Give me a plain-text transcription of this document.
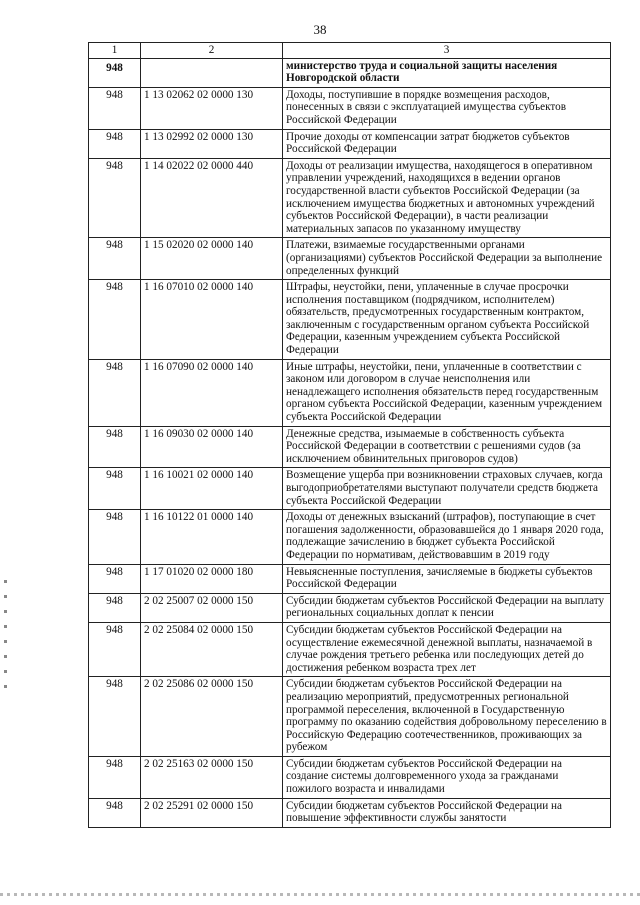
38
1	2	3
948		министерство труда и социальной защиты населения Новгородской области
948	1 13 02062 02 0000 130	Доходы, поступившие в порядке возмещения расходов, понесенных в связи с эксплуатацией имущества субъектов Российской Федерации
948	1 13 02992 02 0000 130	Прочие доходы от компенсации затрат бюджетов субъектов Российской Федерации
948	1 14 02022 02 0000 440	Доходы от реализации имущества, находящегося в оперативном управлении учреждений, находящихся в ведении органов государственной власти субъектов Российской Федерации (за исключением имущества бюджетных и автономных учреждений субъектов Российской Федерации), в части реализации материальных запасов по указанному имуществу
948	1 15 02020 02 0000 140	Платежи, взимаемые государственными органами (организациями) субъектов Российской Федерации за выполнение определенных функций
948	1 16 07010 02 0000 140	Штрафы, неустойки, пени, уплаченные в случае просрочки исполнения поставщиком (подрядчиком, исполнителем) обязательств, предусмотренных государственным контрактом, заключенным с государственным органом субъекта Российской Федерации, казенным учреждением субъекта Российской Федерации
948	1 16 07090 02 0000 140	Иные штрафы, неустойки, пени, уплаченные в соответствии с законом или договором в случае неисполнения или ненадлежащего исполнения обязательств перед государственным органом субъекта Российской Федерации, казенным учреждением субъекта Российской Федерации
948	1 16 09030 02 0000 140	Денежные средства, изымаемые в собственность субъекта Российской Федерации в соответствии с решениями судов (за исключением обвинительных приговоров судов)
948	1 16 10021 02 0000 140	Возмещение ущерба при возникновении страховых случаев, когда выгодоприобретателями выступают получатели средств бюджета субъекта Российской Федерации
948	1 16 10122 01 0000 140	Доходы от денежных взысканий (штрафов), поступающие в счет погашения задолженности, образовавшейся до 1 января 2020 года, подлежащие зачислению в бюджет субъекта Российской Федерации по нормативам, действовавшим в 2019 году
948	1 17 01020 02 0000 180	Невыясненные поступления, зачисляемые в бюджеты субъектов Российской Федерации
948	2 02 25007 02 0000 150	Субсидии бюджетам субъектов Российской Федерации на выплату региональных социальных доплат к пенсии
948	2 02 25084 02 0000 150	Субсидии бюджетам субъектов Российской Федерации на осуществление ежемесячной денежной выплаты, назначаемой в случае рождения третьего ребенка или последующих детей до достижения ребенком возраста трех лет
948	2 02 25086 02 0000 150	Субсидии бюджетам субъектов Российской Федерации на реализацию мероприятий, предусмотренных региональной программой переселения, включенной в Государственную программу по оказанию содействия добровольному переселению в Российскую Федерацию соотечественников, проживающих за рубежом
948	2 02 25163 02 0000 150	Субсидии бюджетам субъектов Российской Федерации на создание системы долговременного ухода за гражданами пожилого возраста и инвалидами
948	2 02 25291 02 0000 150	Субсидии бюджетам субъектов Российской Федерации на повышение эффективности службы занятости
